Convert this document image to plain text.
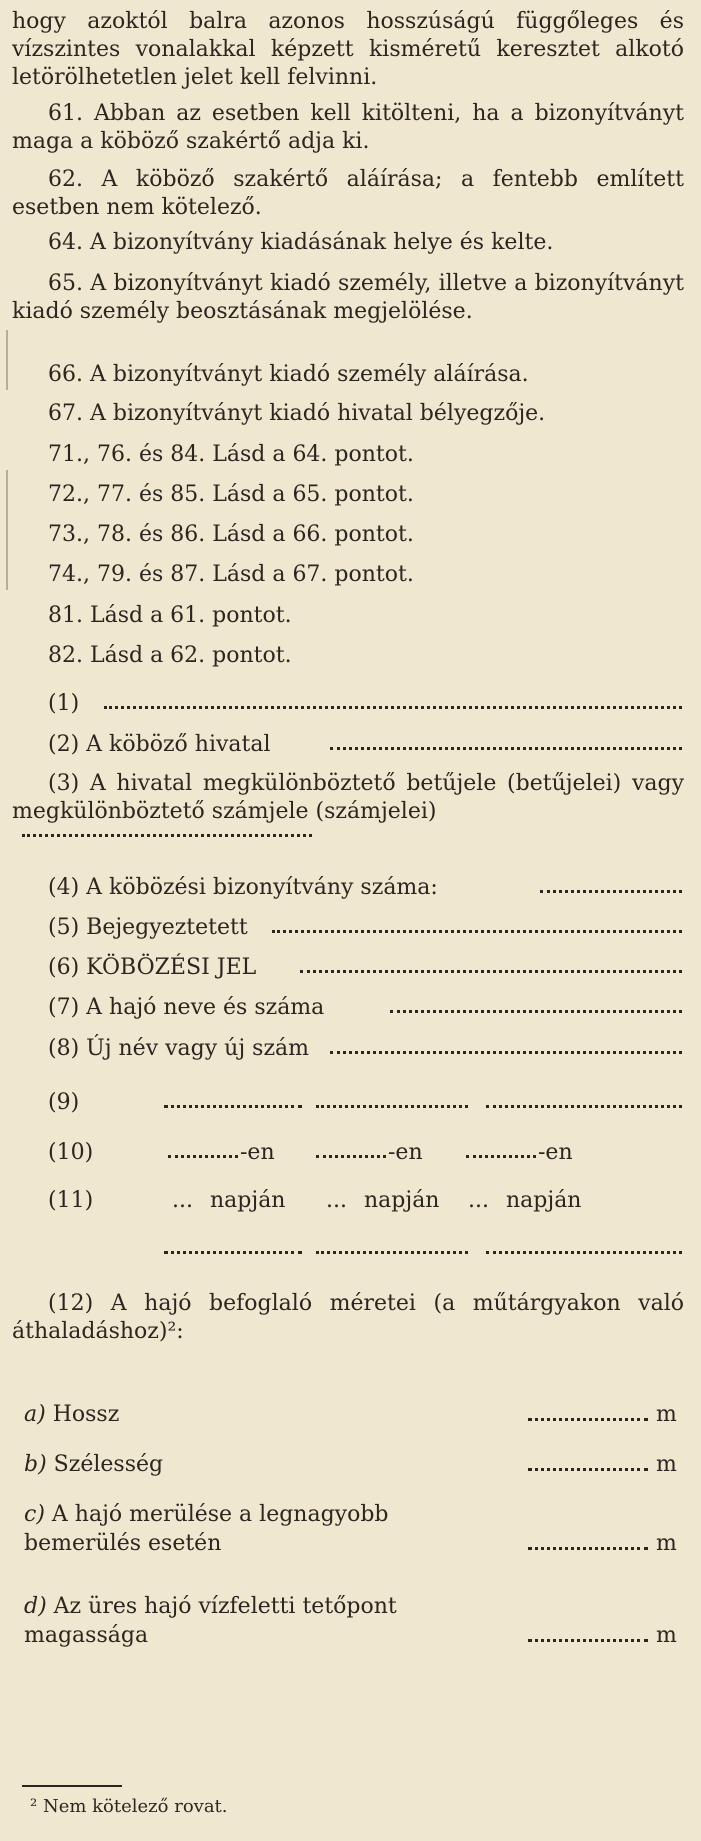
hogy azoktól balra azonos hosszúságú függőleges és vízszintes vonalakkal képzett kisméretű keresztet alkotó letörölhetetlen jelet kell felvinni.
61. Abban az esetben kell kitölteni, ha a bizonyítványt maga a köböző szakértő adja ki.
62. A köböző szakértő aláírása; a fentebb említett esetben nem kötelező.
64. A bizonyítvány kiadásának helye és kelte.
65. A bizonyítványt kiadó személy, illetve a bizonyítványt kiadó személy beosztásának megjelölése.
66. A bizonyítványt kiadó személy aláírása.
67. A bizonyítványt kiadó hivatal bélyegzője.
71., 76. és 84. Lásd a 64. pontot.
72., 77. és 85. Lásd a 65. pontot.
73., 78. és 86. Lásd a 66. pontot.
74., 79. és 87. Lásd a 67. pontot.
81. Lásd a 61. pontot.
82. Lásd a 62. pontot.
(1)
(2) A köböző hivatal
(3) A hivatal megkülönböztető betűjele (betűjelei) vagy megkülönböztető számjele (számjelei)
(4) A köbözési bizonyítvány száma:
(5) Bejegyeztetett
(6) KÖBÖZÉSI JEL
(7) A hajó neve és száma
(8) Új név vagy új szám
(9)
(10)	-en	-en	-en
(11)	... napján ... napján ... napján
(12) A hajó befoglaló méretei (a műtárgyakon való áthaladáshoz)²:
a) Hossz	m
b) Szélesség	m
c) A hajó merülése a legnagyobb bemerülés esetén	m
d) Az üres hajó vízfeletti tetőpont magassága	m
² Nem kötelező rovat.
